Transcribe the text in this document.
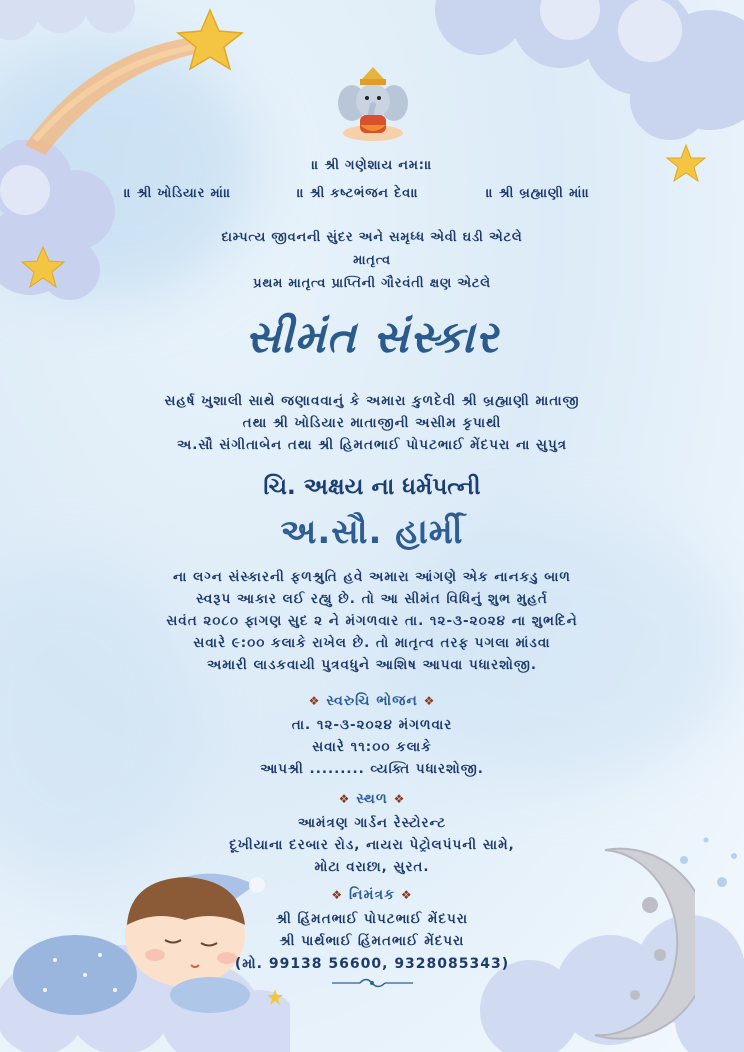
॥ શ્રી ગણેશાય નમ:॥
॥ શ્રી ખોડિયાર માં॥	॥ શ્રી કષ્ટભંજન દેવ॥	॥ શ્રી બ્રહ્માણી માં॥
દામ્પત્ય જીવનની સુંદર અને સમૃધ્ધ એવી ઘડી એટલે
માતૃત્વ
પ્રથમ માતૃત્વ પ્રાપ્તિની ગૌરવંતી ક્ષણ એટલે
સીમંત સંસ્કાર
સહર્ષ ખુશાલી સાથે જણાવવાનું કે અમારા કુળદેવી શ્રી બ્રહ્માણી માતાજી
તથા શ્રી ખોડિયાર માતાજીની અસીમ કૃપાથી
અ.સૌ સંગીતાબેન તથા શ્રી હિમતભાઈ પોપટભાઈ મેંદપરા ના સુપુત્ર
ચિ. અક્ષય ના ધર્મપત્ની
અ.સૌ. હાર્મી
ના લગ્ન સંસ્કારની ફળશ્રુતિ હવે અમારા આંગણે એક નાનકડુ બાળ
સ્વરૂપ આકાર લઈ રહ્યુ છે. તો આ સીમંત વિધિનું શુભ મુહર્ત
સવંત ૨૦૮૦ ફાગણ સુદ ૨ ને મંગળવાર તા. ૧૨-૩-૨૦૨૪ ના શુભદિને
સવારે ૯:૦૦ કલાકે રાખેલ છે. તો માતૃત્વ તરફ પગલા માંડવા
અમારી લાડકવાયી પુત્રવધુને આશિષ આપવા પધારશોજી.
❖ સ્વરુચિ ભોજન ❖
તા. ૧૨-૩-૨૦૨૪ મંગળવાર
સવારે ૧૧:૦૦ કલાકે
આપશ્રી ......... વ્યક્તિ પધારશોજી.
❖ સ્થળ ❖
આમંત્રણ ગાર્ડન રેસ્ટોરન્ટ
દૂખીયાના દરબાર રોડ, નાયરા પેટ્રોલપંપની સામે,
મોટા વરાછા, સુરત.
❖ નિમંત્રક ❖
શ્રી હિંમતભાઈ પોપટભાઈ મેંદપરા
શ્રી પાર્થભાઈ હિંમતભાઈ મેંદપરા
(મો. 99138 56600, 9328085343)
